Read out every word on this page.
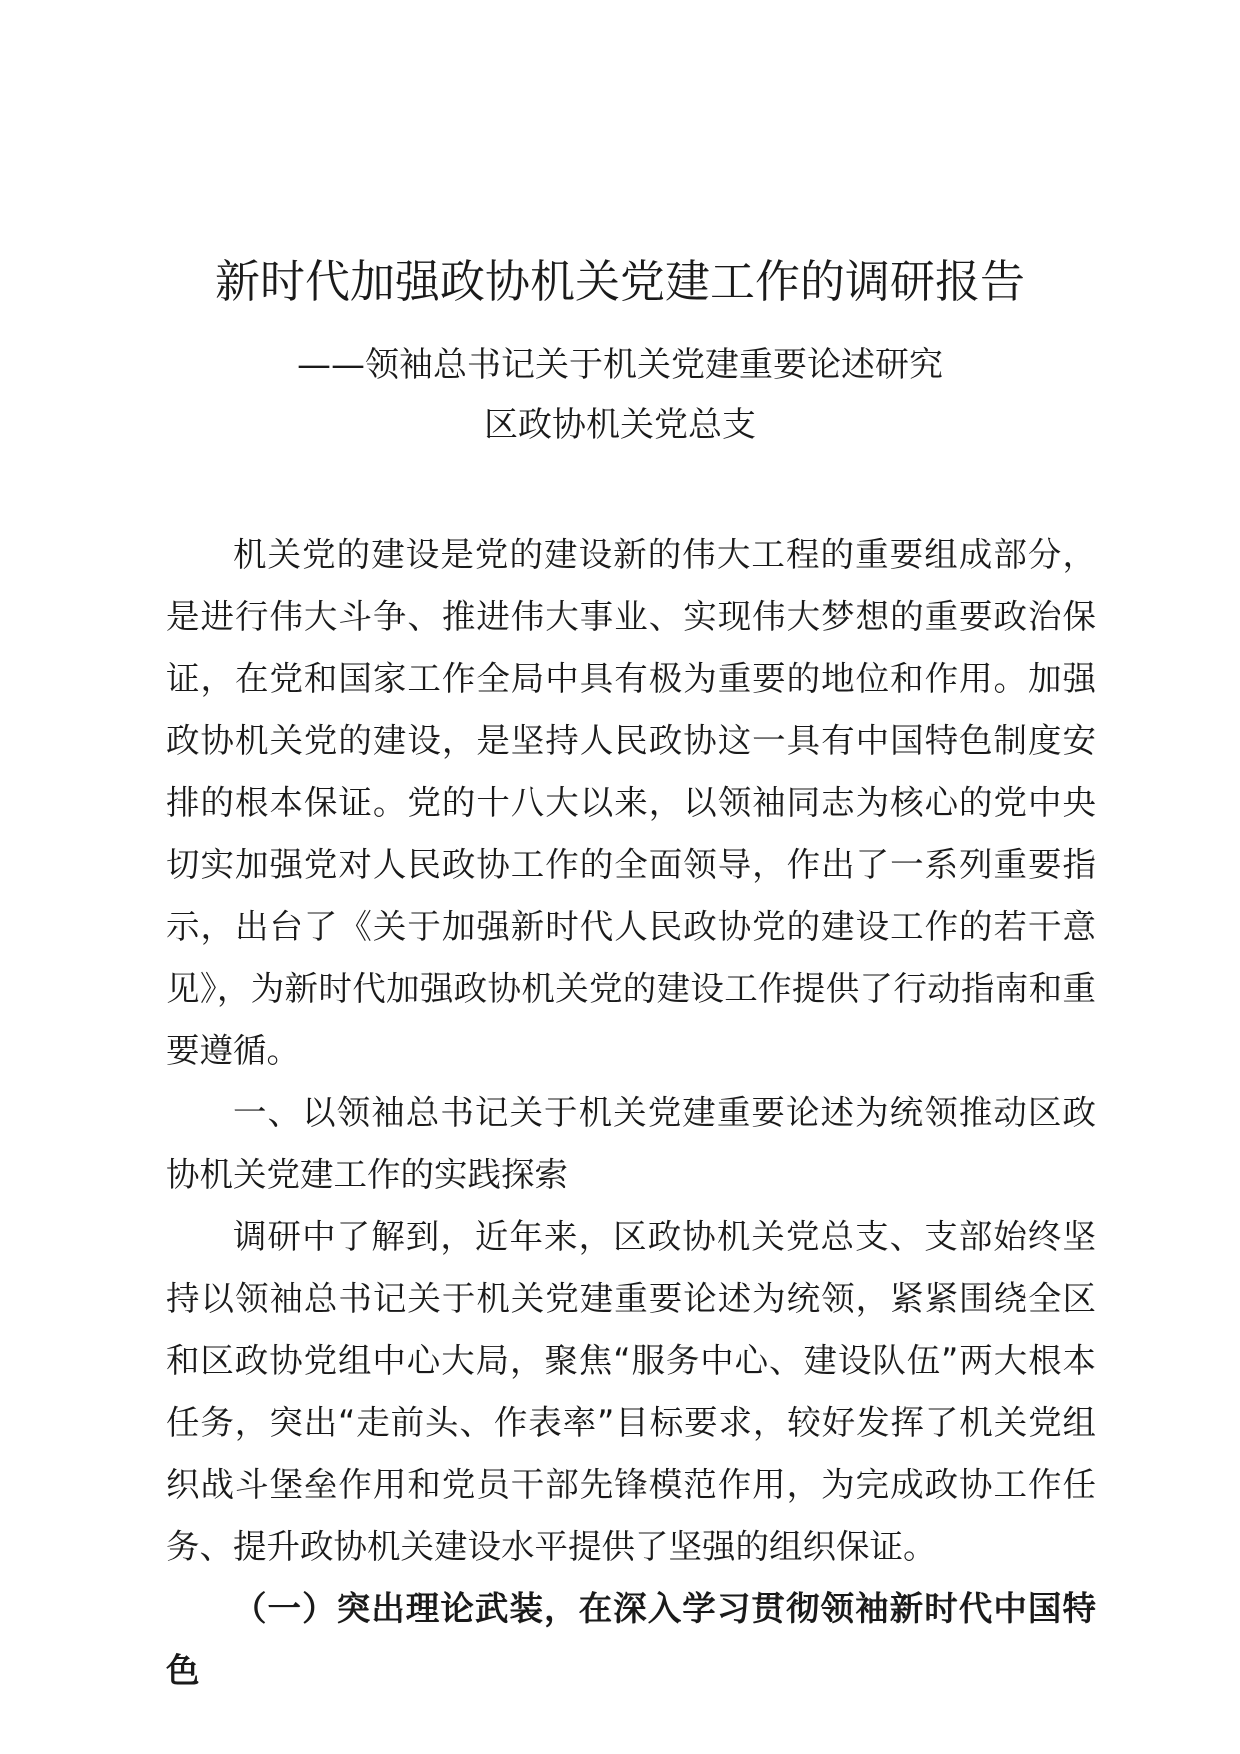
新时代加强政协机关党建工作的调研报告

——领袖总书记关于机关党建重要论述研究

区政协机关党总支

机关党的建设是党的建设新的伟大工程的重要组成部分，是进行伟大斗争、推进伟大事业、实现伟大梦想的重要政治保证，在党和国家工作全局中具有极为重要的地位和作用。加强政协机关党的建设，是坚持人民政协这一具有中国特色制度安排的根本保证。党的十八大以来，以领袖同志为核心的党中央切实加强党对人民政协工作的全面领导，作出了一系列重要指示，出台了《关于加强新时代人民政协党的建设工作的若干意见》，为新时代加强政协机关党的建设工作提供了行动指南和重要遵循。

一、以领袖总书记关于机关党建重要论述为统领推动区政协机关党建工作的实践探索

调研中了解到，近年来，区政协机关党总支、支部始终坚持以领袖总书记关于机关党建重要论述为统领，紧紧围绕全区和区政协党组中心大局，聚焦“服务中心、建设队伍”两大根本任务，突出“走前头、作表率”目标要求，较好发挥了机关党组织战斗堡垒作用和党员干部先锋模范作用，为完成政协工作任务、提升政协机关建设水平提供了坚强的组织保证。

（一）突出理论武装，在深入学习贯彻领袖新时代中国特色
